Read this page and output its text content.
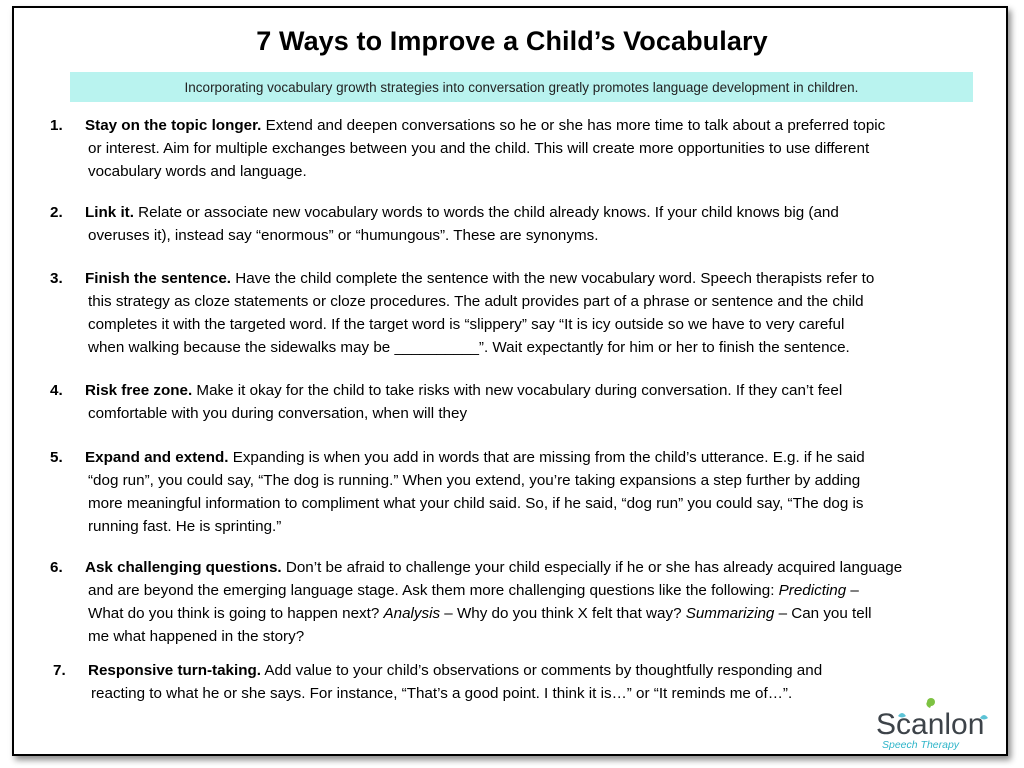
7 Ways to Improve a Child’s Vocabulary
Incorporating vocabulary growth strategies into conversation greatly promotes language development in children.
1.	Stay on the topic longer. Extend and deepen conversations so he or she has more time to talk about a preferred topic
or interest. Aim for multiple exchanges between you and the child. This will create more opportunities to use different
vocabulary words and language.
2.	Link it. Relate or associate new vocabulary words to words the child already knows. If your child knows big (and
overuses it), instead say “enormous” or “humungous”. These are synonyms.
3.	Finish the sentence. Have the child complete the sentence with the new vocabulary word. Speech therapists refer to
this strategy as cloze statements or cloze procedures. The adult provides part of a phrase or sentence and the child
completes it with the targeted word. If the target word is “slippery” say “It is icy outside so we have to very careful
when walking because the sidewalks may be __________”. Wait expectantly for him or her to finish the sentence.
4.	Risk free zone. Make it okay for the child to take risks with new vocabulary during conversation. If they can’t feel
comfortable with you during conversation, when will they
5.	Expand and extend. Expanding is when you add in words that are missing from the child’s utterance. E.g. if he said
“dog run”, you could say, “The dog is running.” When you extend, you’re taking expansions a step further by adding
more meaningful information to compliment what your child said. So, if he said, “dog run” you could say, “The dog is
running fast. He is sprinting.”
6.	Ask challenging questions. Don’t be afraid to challenge your child especially if he or she has already acquired language
and are beyond the emerging language stage. Ask them more challenging questions like the following: Predicting –
What do you think is going to happen next? Analysis – Why do you think X felt that way? Summarizing – Can you tell
me what happened in the story?
7.	Responsive turn-taking. Add value to your child’s observations or comments by thoughtfully responding and
reacting to what he or she says. For instance, “That’s a good point. I think it is…” or “It reminds me of…”.
Scanlon
Speech Therapy
